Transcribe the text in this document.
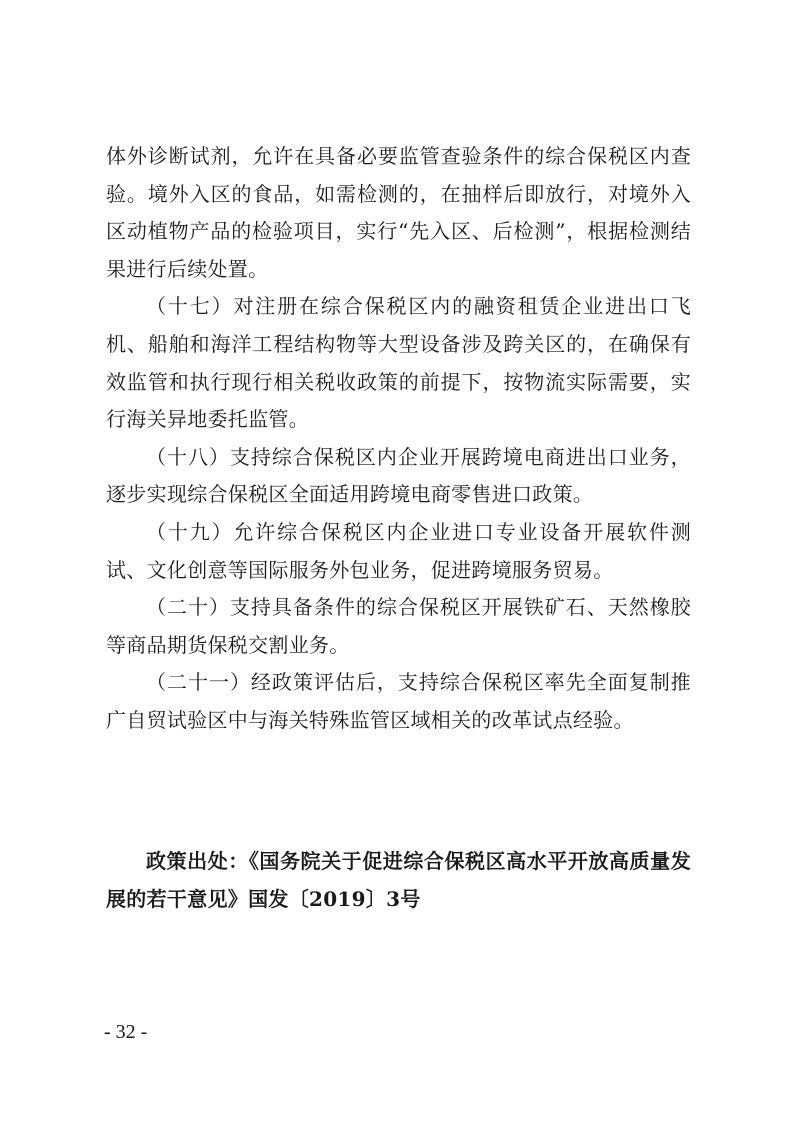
体外诊断试剂，允许在具备必要监管查验条件的综合保税区内查验。境外入区的食品，如需检测的，在抽样后即放行，对境外入区动植物产品的检验项目，实行“先入区、后检测”，根据检测结果进行后续处置。

（十七）对注册在综合保税区内的融资租赁企业进出口飞机、船舶和海洋工程结构物等大型设备涉及跨关区的，在确保有效监管和执行现行相关税收政策的前提下，按物流实际需要，实行海关异地委托监管。

（十八）支持综合保税区内企业开展跨境电商进出口业务，逐步实现综合保税区全面适用跨境电商零售进口政策。

（十九）允许综合保税区内企业进口专业设备开展软件测试、文化创意等国际服务外包业务，促进跨境服务贸易。

（二十）支持具备条件的综合保税区开展铁矿石、天然橡胶等商品期货保税交割业务。

（二十一）经政策评估后，支持综合保税区率先全面复制推广自贸试验区中与海关特殊监管区域相关的改革试点经验。

政策出处：《国务院关于促进综合保税区高水平开放高质量发展的若干意见》国发〔2019〕3号

- 32 -
